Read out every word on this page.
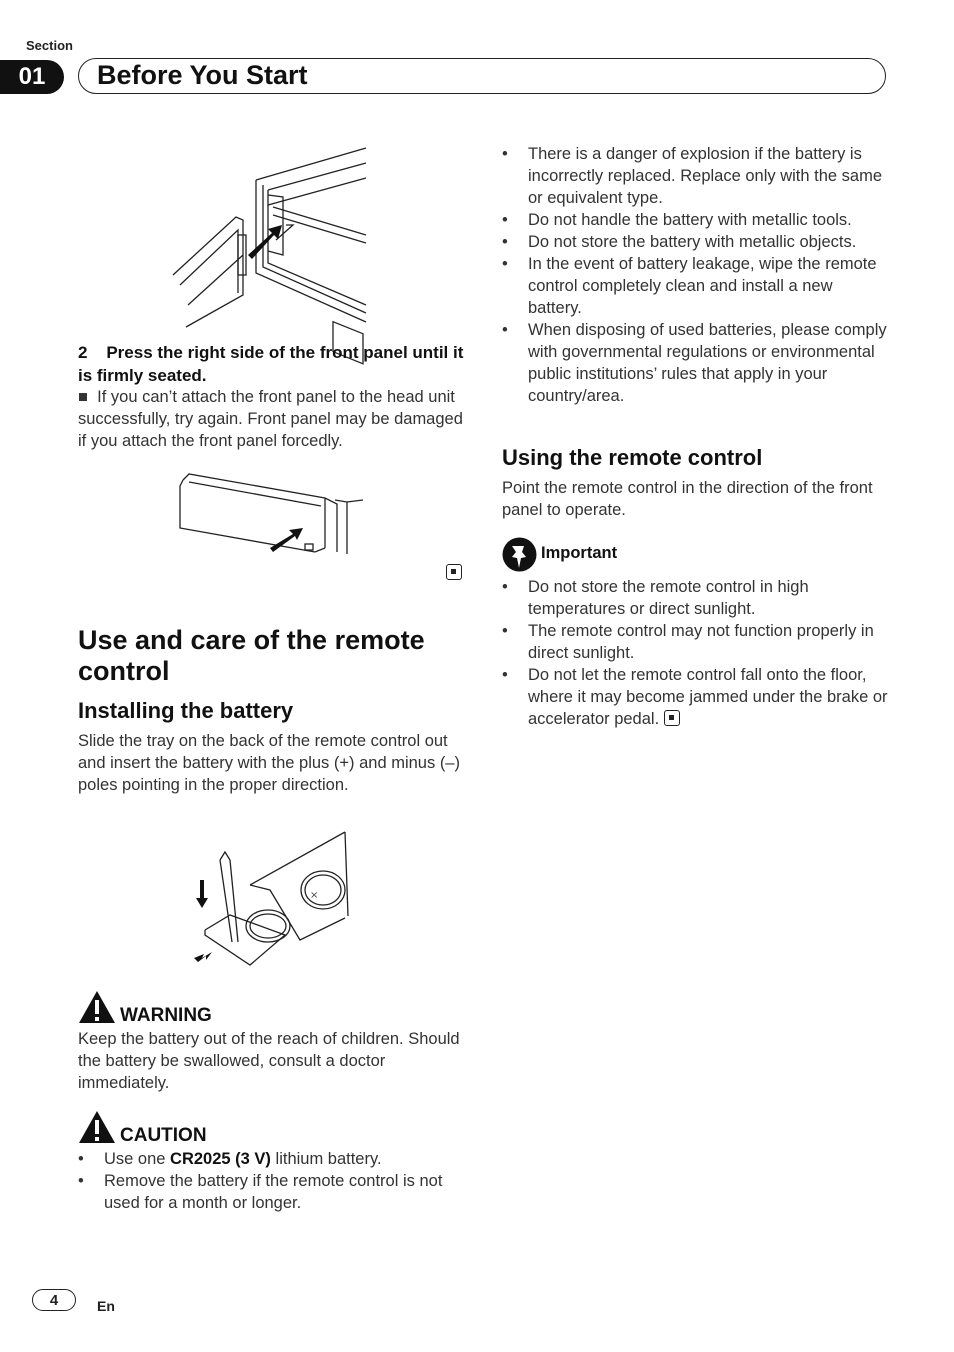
Section
01	Before You Start
2    Press the right side of the front panel until it is firmly seated.
■  If you can’t attach the front panel to the head unit successfully, try again. Front panel may be damaged if you attach the front panel forcedly.
Use and care of the remote control
Installing the battery
Slide the tray on the back of the remote control out and insert the battery with the plus (+) and minus (–) poles pointing in the proper direction.
×
WARNING
Keep the battery out of the reach of children. Should the battery be swallowed, consult a doctor immediately.
CAUTION
• Use one CR2025 (3 V) lithium battery.
• Remove the battery if the remote control is not used for a month or longer.
• There is a danger of explosion if the battery is incorrectly replaced. Replace only with the same or equivalent type.
• Do not handle the battery with metallic tools.
• Do not store the battery with metallic objects.
• In the event of battery leakage, wipe the remote control completely clean and install a new battery.
• When disposing of used batteries, please comply with governmental regulations or environmental public institutions’ rules that apply in your country/area.
Using the remote control
Point the remote control in the direction of the front panel to operate.
Important
• Do not store the remote control in high temperatures or direct sunlight.
• The remote control may not function properly in direct sunlight.
• Do not let the remote control fall onto the floor, where it may become jammed under the brake or accelerator pedal.
4	En
